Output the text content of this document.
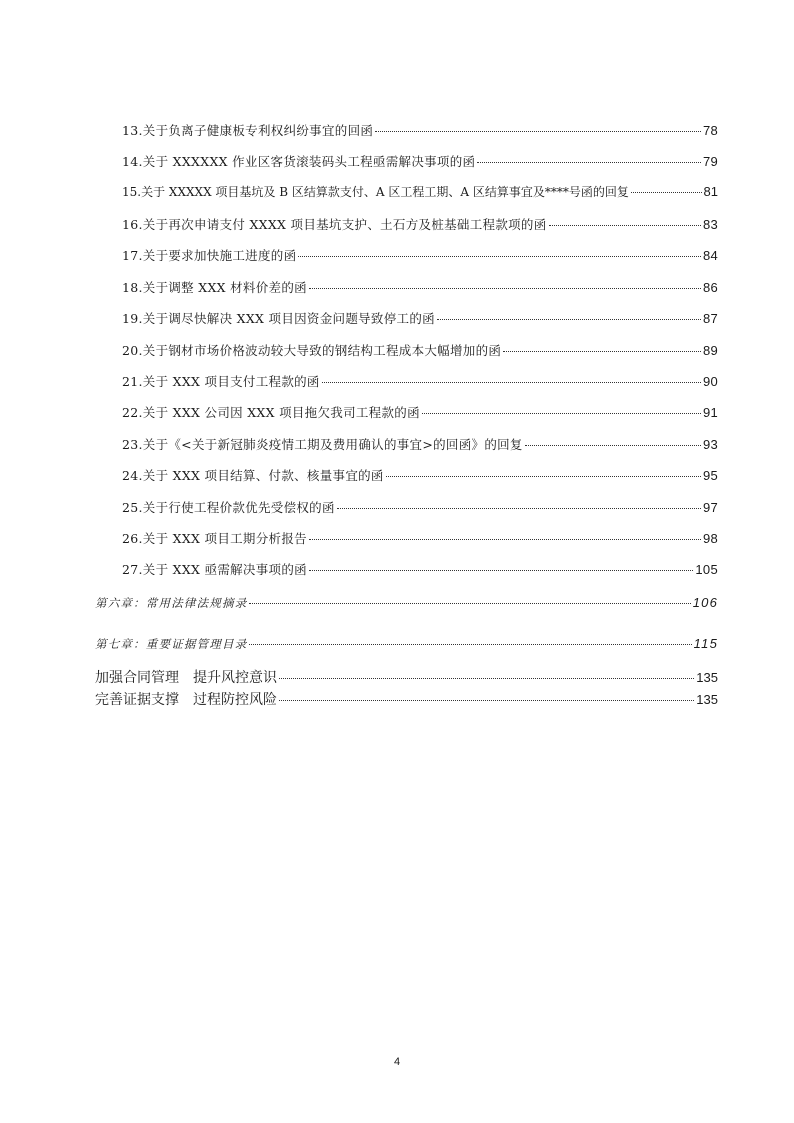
13.关于负离子健康板专利权纠纷事宜的回函	78
14.关于 XXXXXX 作业区客货滚装码头工程亟需解决事项的函	79
15.关于 XXXXX 项目基坑及 B 区结算款支付、A 区工程工期、A 区结算事宜及****号函的回复	81
16.关于再次申请支付 XXXX 项目基坑支护、土石方及桩基础工程款项的函	83
17.关于要求加快施工进度的函	84
18.关于调整 XXX 材料价差的函	86
19.关于调尽快解决 XXX 项目因资金问题导致停工的函	87
20.关于钢材市场价格波动较大导致的钢结构工程成本大幅增加的函	89
21.关于 XXX 项目支付工程款的函	90
22.关于 XXX 公司因 XXX 项目拖欠我司工程款的函	91
23.关于《<关于新冠肺炎疫情工期及费用确认的事宜>的回函》的回复	93
24.关于 XXX 项目结算、付款、核量事宜的函	95
25.关于行使工程价款优先受偿权的函	97
26.关于 XXX 项目工期分析报告	98
27.关于 XXX 亟需解决事项的函	105
第六章：常用法律法规摘录	106
第七章：重要证据管理目录	115
加强合同管理　提升风控意识	135
完善证据支撑　过程防控风险	135
4
